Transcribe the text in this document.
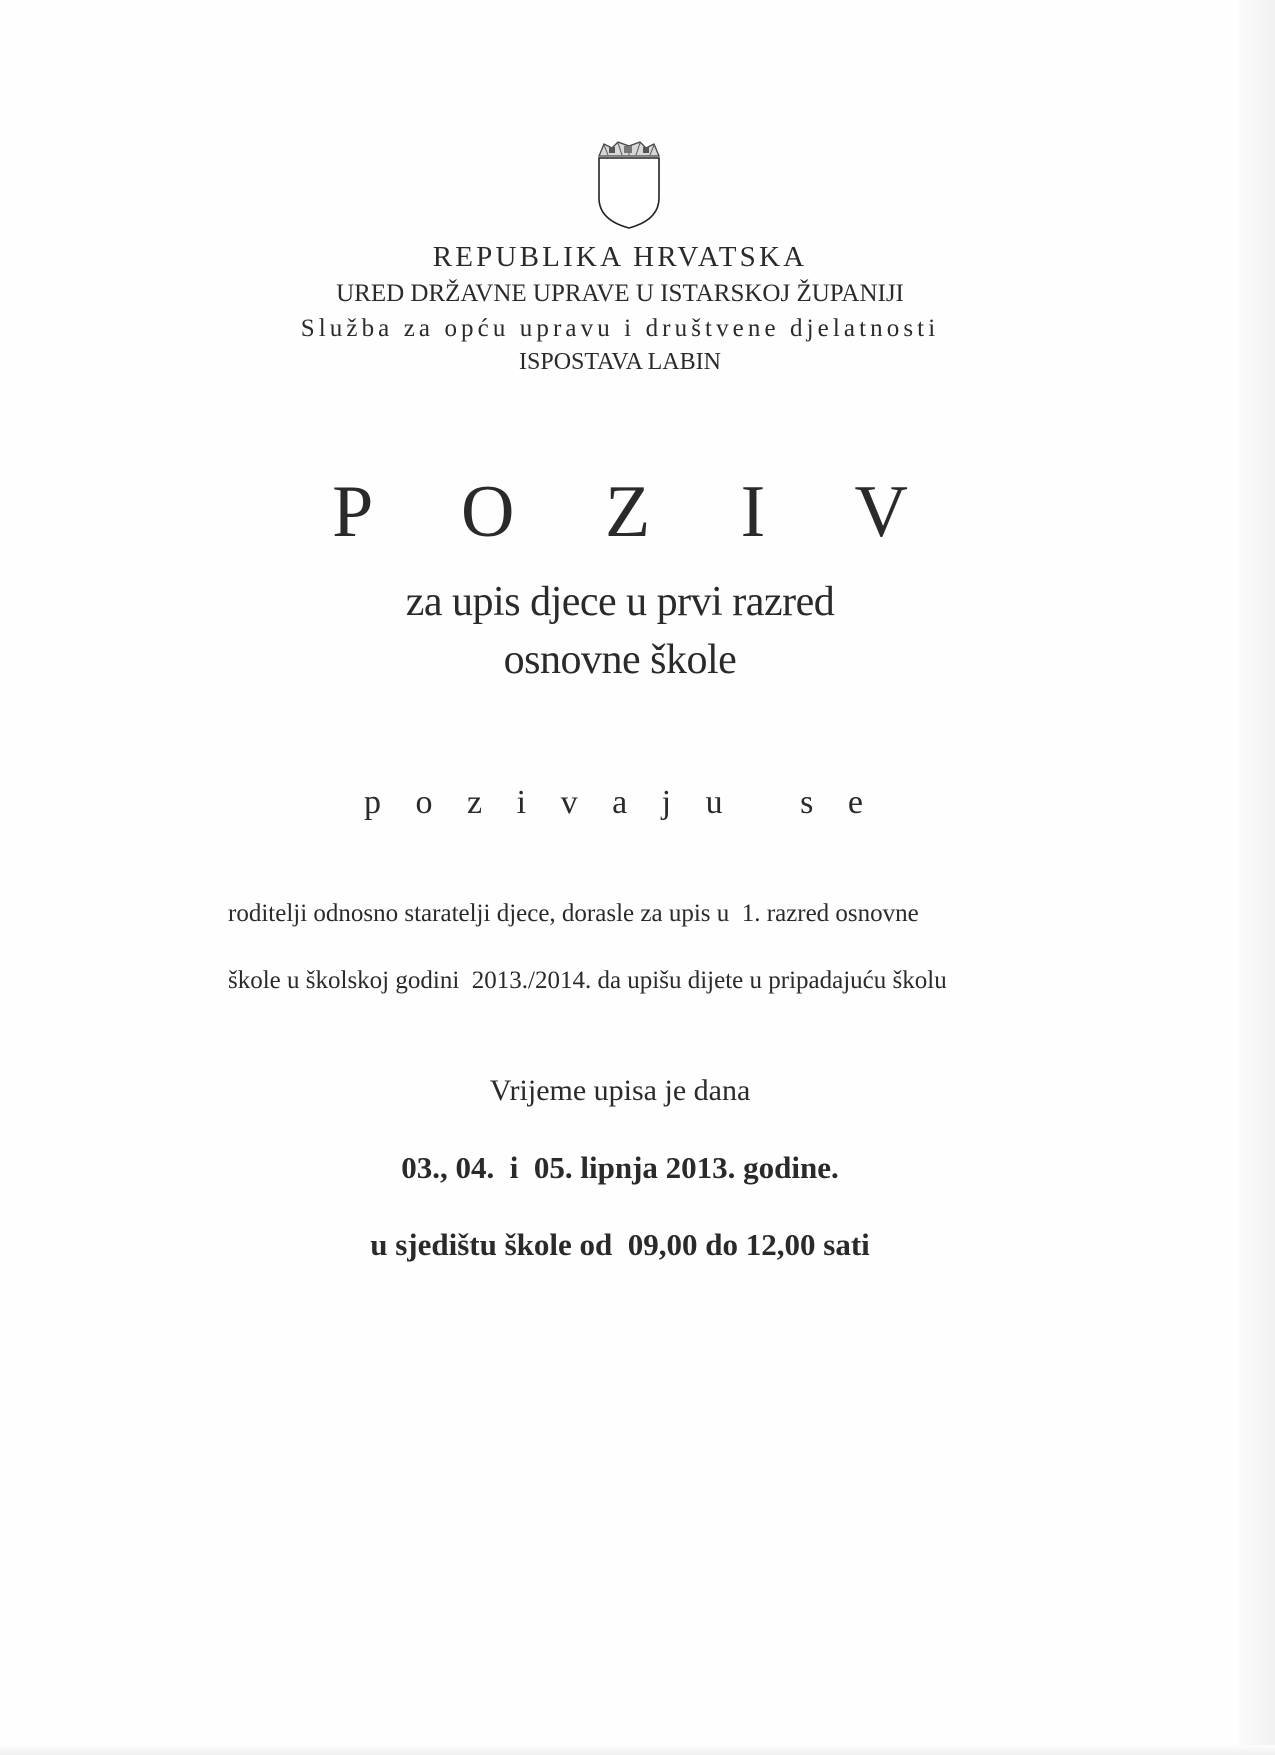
REPUBLIKA HRVATSKA
URED DRŽAVNE UPRAVE U ISTARSKOJ ŽUPANIJI
Služba za opću upravu i društvene djelatnosti
ISPOSTAVA LABIN
P O Z I V
za upis djece u prvi razred
osnovne škole
p o z i v a j u   s e
roditelji odnosno staratelji djece, dorasle za upis u  1. razred osnovne
škole u školskoj godini  2013./2014. da upišu dijete u pripadajuću školu
Vrijeme upisa je dana
03., 04.  i  05. lipnja 2013. godine.
u sjedištu škole od  09,00 do 12,00 sati
